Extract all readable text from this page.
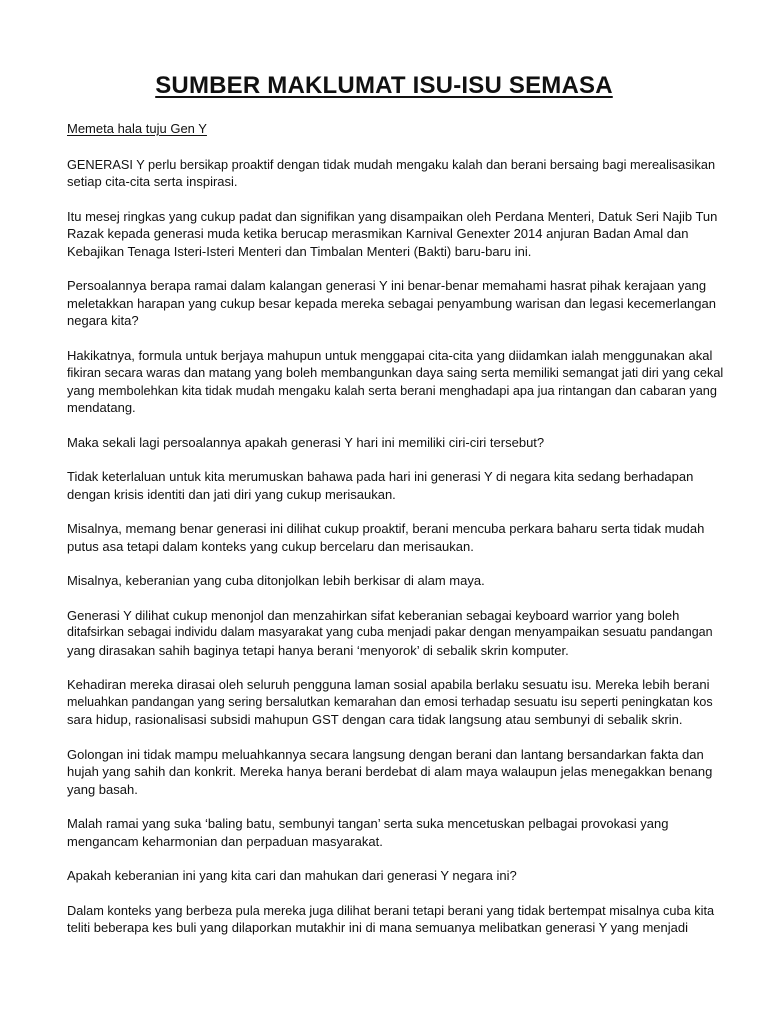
SUMBER MAKLUMAT ISU-ISU SEMASA

Memeta hala tuju Gen Y

GENERASI Y perlu bersikap proaktif dengan tidak mudah mengaku kalah dan berani bersaing bagi merealisasikan
setiap cita-cita serta inspirasi.

Itu mesej ringkas yang cukup padat dan signifikan yang disampaikan oleh Perdana Menteri, Datuk Seri Najib Tun
Razak kepada generasi muda ketika berucap merasmikan Karnival Genexter 2014 anjuran Badan Amal dan
Kebajikan Tenaga Isteri-Isteri Menteri dan Timbalan Menteri (Bakti) baru-baru ini.

Persoalannya berapa ramai dalam kalangan generasi Y ini benar-benar memahami hasrat pihak kerajaan yang
meletakkan harapan yang cukup besar kepada mereka sebagai penyambung warisan dan legasi kecemerlangan
negara kita?

Hakikatnya, formula untuk berjaya mahupun untuk menggapai cita-cita yang diidamkan ialah menggunakan akal
fikiran secara waras dan matang yang boleh membangunkan daya saing serta memiliki semangat jati diri yang cekal
yang membolehkan kita tidak mudah mengaku kalah serta berani menghadapi apa jua rintangan dan cabaran yang
mendatang.

Maka sekali lagi persoalannya apakah generasi Y hari ini memiliki ciri-ciri tersebut?

Tidak keterlaluan untuk kita merumuskan bahawa pada hari ini generasi Y di negara kita sedang berhadapan
dengan krisis identiti dan jati diri yang cukup merisaukan.

Misalnya, memang benar generasi ini dilihat cukup proaktif, berani mencuba perkara baharu serta tidak mudah
putus asa tetapi dalam konteks yang cukup bercelaru dan merisaukan.

Misalnya, keberanian yang cuba ditonjolkan lebih berkisar di alam maya.

Generasi Y dilihat cukup menonjol dan menzahirkan sifat keberanian sebagai keyboard warrior yang boleh
ditafsirkan sebagai individu dalam masyarakat yang cuba menjadi pakar dengan menyampaikan sesuatu pandangan
yang dirasakan sahih baginya tetapi hanya berani ‘menyorok’ di sebalik skrin komputer.

Kehadiran mereka dirasai oleh seluruh pengguna laman sosial apabila berlaku sesuatu isu. Mereka lebih berani
meluahkan pandangan yang sering bersalutkan kemarahan dan emosi terhadap sesuatu isu seperti peningkatan kos
sara hidup, rasionalisasi subsidi mahupun GST dengan cara tidak langsung atau sembunyi di sebalik skrin.

Golongan ini tidak mampu meluahkannya secara langsung dengan berani dan lantang bersandarkan fakta dan
hujah yang sahih dan konkrit. Mereka hanya berani berdebat di alam maya walaupun jelas menegakkan benang
yang basah.

Malah ramai yang suka ‘baling batu, sembunyi tangan’ serta suka mencetuskan pelbagai provokasi yang
mengancam keharmonian dan perpaduan masyarakat.

Apakah keberanian ini yang kita cari dan mahukan dari generasi Y negara ini?

Dalam konteks yang berbeza pula mereka juga dilihat berani tetapi berani yang tidak bertempat misalnya cuba kita
teliti beberapa kes buli yang dilaporkan mutakhir ini di mana semuanya melibatkan generasi Y yang menjadi
